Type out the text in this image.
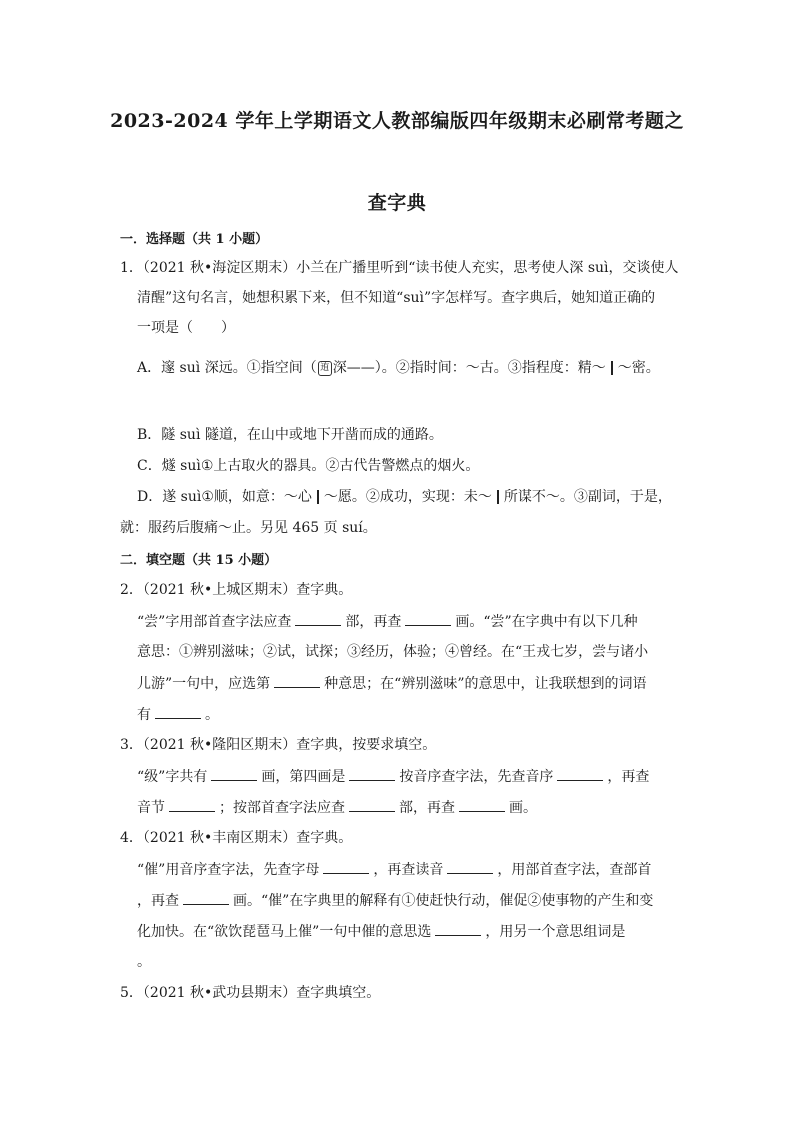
2023-2024 学年上学期语文人教部编版四年级期末必刷常考题之
查字典
一．选择题（共 1 小题）
1．（2021 秋•海淀区期末）小兰在广播里听到“读书使人充实，思考使人深 suì，交谈使人
清醒”这句名言，她想积累下来，但不知道“suì”字怎样写。查字典后，她知道正确的
一项是（　　）
A．邃 suì 深远。①指空间（ 迶 深——）。②指时间：～古。③指程度：精～ ～密。
B．隧 suì 隧道，在山中或地下开凿而成的通路。
C．燧 suì①上古取火的器具。②古代告警燃点的烟火。
D．遂 suì①顺，如意：～心 ～愿。②成功，实现：未～ 所谋不～。③副词，于是，
就：服药后腹痛～止。另见 465 页 suí。
二．填空题（共 15 小题）
2．（2021 秋•上城区期末）查字典。
“尝”字用部首查字法应查	部，再查	画。“尝”在字典中有以下几种
意思：①辨别滋味；②试，试探；③经历，体验；④曾经。在“王戎七岁，尝与诸小
儿游”一句中，应选第	种意思；在“辨别滋味”的意思中，让我联想到的词语
有	。
3．（2021 秋•隆阳区期末）查字典，按要求填空。
“级”字共有	画，第四画是	按音序查字法，先查音序	，再查
音节	；按部首查字法应查	部，再查	画。
4．（2021 秋•丰南区期末）查字典。
“催”用音序查字法，先查字母	，再查读音	，用部首查字法，查部首
，再查	画。“催”在字典里的解释有①使赶快行动，催促②使事物的产生和变
化加快。在“欲饮琵琶马上催”一句中催的意思选	，用另一个意思组词是
。
5．（2021 秋•武功县期末）查字典填空。
